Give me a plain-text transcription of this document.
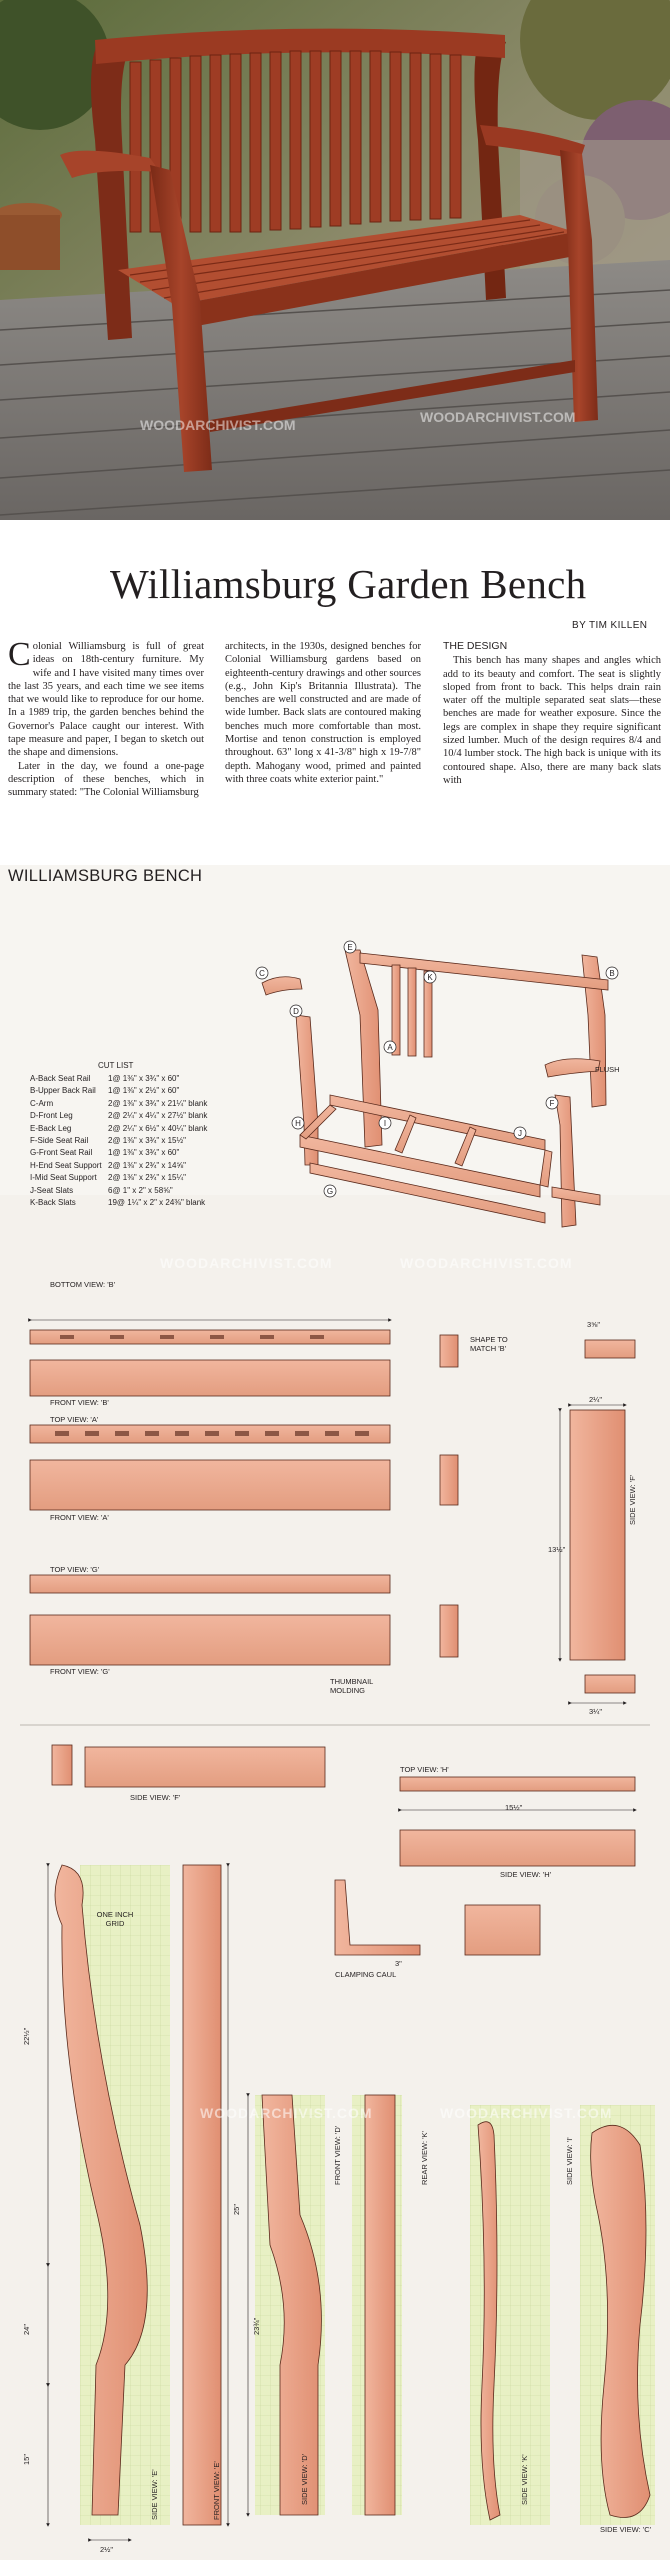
WOODARCHIVIST.COM	WOODARCHIVIST.COM
Williamsburg Garden Bench
BY TIM KILLEN

Colonial Williamsburg is full of great ideas on 18th-century furniture. My wife and I have visited many times over the last 35 years, and each time we see items that we would like to reproduce for our home. In a 1989 trip, the garden benches behind the Governor's Palace caught our interest. With tape measure and paper, I began to sketch out the shape and dimensions.

Later in the day, we found a one-page description of these benches, which in summary stated: "The Colonial Williamsburg

architects, in the 1930s, designed benches for Colonial Williamsburg gardens based on eighteenth-century drawings and other sources (e.g., John Kip's Britannia Illustrata). The benches are well constructed and are made of wide lumber. Back slats are contoured making benches much more comfortable than most. Mortise and tenon construction is employed throughout. 63" long x 41-3/8" high x 19-7/8" depth. Mahogany wood, primed and painted with three coats white exterior paint."

THE DESIGN

This bench has many shapes and angles which add to its beauty and comfort. The seat is slightly sloped from front to back. This helps drain rain water off the multiple separated seat slats—these benches are made for weather exposure. Since the legs are complex in shape they require significant sized lumber. Much of the design requires 8/4 and 10/4 lumber stock. The high back is unique with its contoured shape. Also, there are many back slats with

A
B
C
D
E
F
G
H	I
J
K
WILLIAMSBURG BENCH
CUT LIST
A-Back Seat Rail 1@ 1⅜" x 3¾" x 60"
B-Upper Back Rail 1@ 1⅜" x 2½" x 60"
C-Arm	2@ 1⅜" x 3¾" x 21¼" blank
D-Front Leg	2@ 2¼" x 4¼" x 27½" blank
E-Back Leg	2@ 2¼" x 6½" x 40¼" blank
F-Side Seat Rail 2@ 1⅜" x 3¾" x 15½"
G-Front Seat Rail 1@ 1⅜" x 3¾" x 60"
H-End Seat Support 2@ 1⅜" x 2¾" x 14⅝"
I-Mid Seat Support 2@ 1⅜" x 2¾" x 15¼"
J-Seat Slats	6@ 1" x 2" x 58⅝"
K-Back Slats	19@ 1¼" x 2" x 24⅜" blank
FLUSH
BOTTOM VIEW: 'B'
FRONT VIEW: 'B'
TOP VIEW: 'A'
FRONT VIEW: 'A'
TOP VIEW: 'G'
FRONT VIEW: 'G'
SHAPE TO MATCH 'B'
THUMBNAIL MOLDING
SIDE VIEW: 'F'
3⅝"
2¼"
13½"
3¼"
SIDE VIEW: 'F'
TOP VIEW: 'H'
15½"
SIDE VIEW: 'H'
3"
CLAMPING CAUL
ONE INCH GRID
22½"
24"
15"
2½"
25"
23¾"
SIDE VIEW: 'E'	FRONT VIEW: 'E'	SIDE VIEW: 'D'
FRONT VIEW: 'D'	REAR VIEW: 'K'
SIDE VIEW: 'K'
SIDE VIEW: 'I'
SIDE VIEW: 'C'
WOODARCHIVIST.COM	WOODARCHIVIST.COM
WOODARCHIVIST.COM	WOODARCHIVIST.COM
